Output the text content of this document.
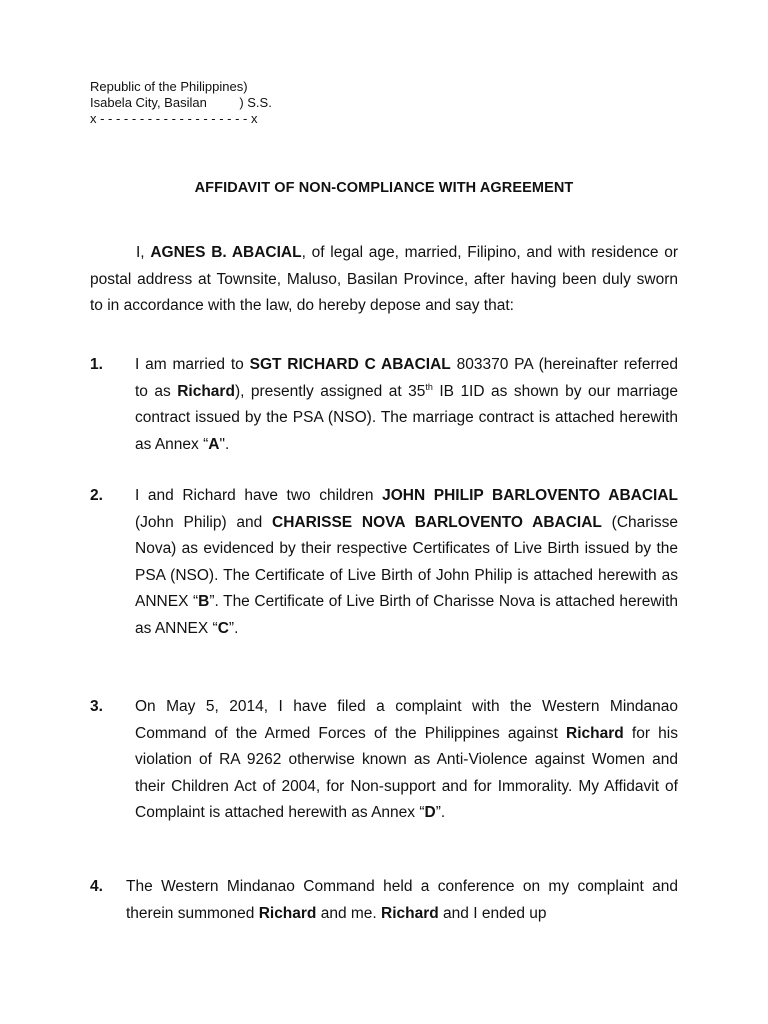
Republic of the Philippines)
Isabela City, Basilan         ) S.S.
x - - - - - - - - - - - - - - - - - - - x
AFFIDAVIT OF NON-COMPLIANCE WITH AGREEMENT
I, AGNES B. ABACIAL, of legal age, married, Filipino, and with residence or postal address at Townsite, Maluso, Basilan Province, after having been duly sworn to in accordance with the law, do hereby depose and say that:
1. I am married to SGT RICHARD C ABACIAL 803370 PA (hereinafter referred to as Richard), presently assigned at 35th IB 1ID as shown by our marriage contract issued by the PSA (NSO). The marriage contract is attached herewith as Annex “A".
2. I and Richard have two children JOHN PHILIP BARLOVENTO ABACIAL (John Philip) and CHARISSE NOVA BARLOVENTO ABACIAL (Charisse Nova) as evidenced by their respective Certificates of Live Birth issued by the PSA (NSO). The Certificate of Live Birth of John Philip is attached herewith as ANNEX “B”. The Certificate of Live Birth of Charisse Nova is attached herewith as ANNEX “C”.
3. On May 5, 2014, I have filed a complaint with the Western Mindanao Command of the Armed Forces of the Philippines against Richard for his violation of RA 9262 otherwise known as Anti-Violence against Women and their Children Act of 2004, for Non-support and for Immorality. My Affidavit of Complaint is attached herewith as Annex “D”.
4. The Western Mindanao Command held a conference on my complaint and therein summoned Richard and me. Richard and I ended up
